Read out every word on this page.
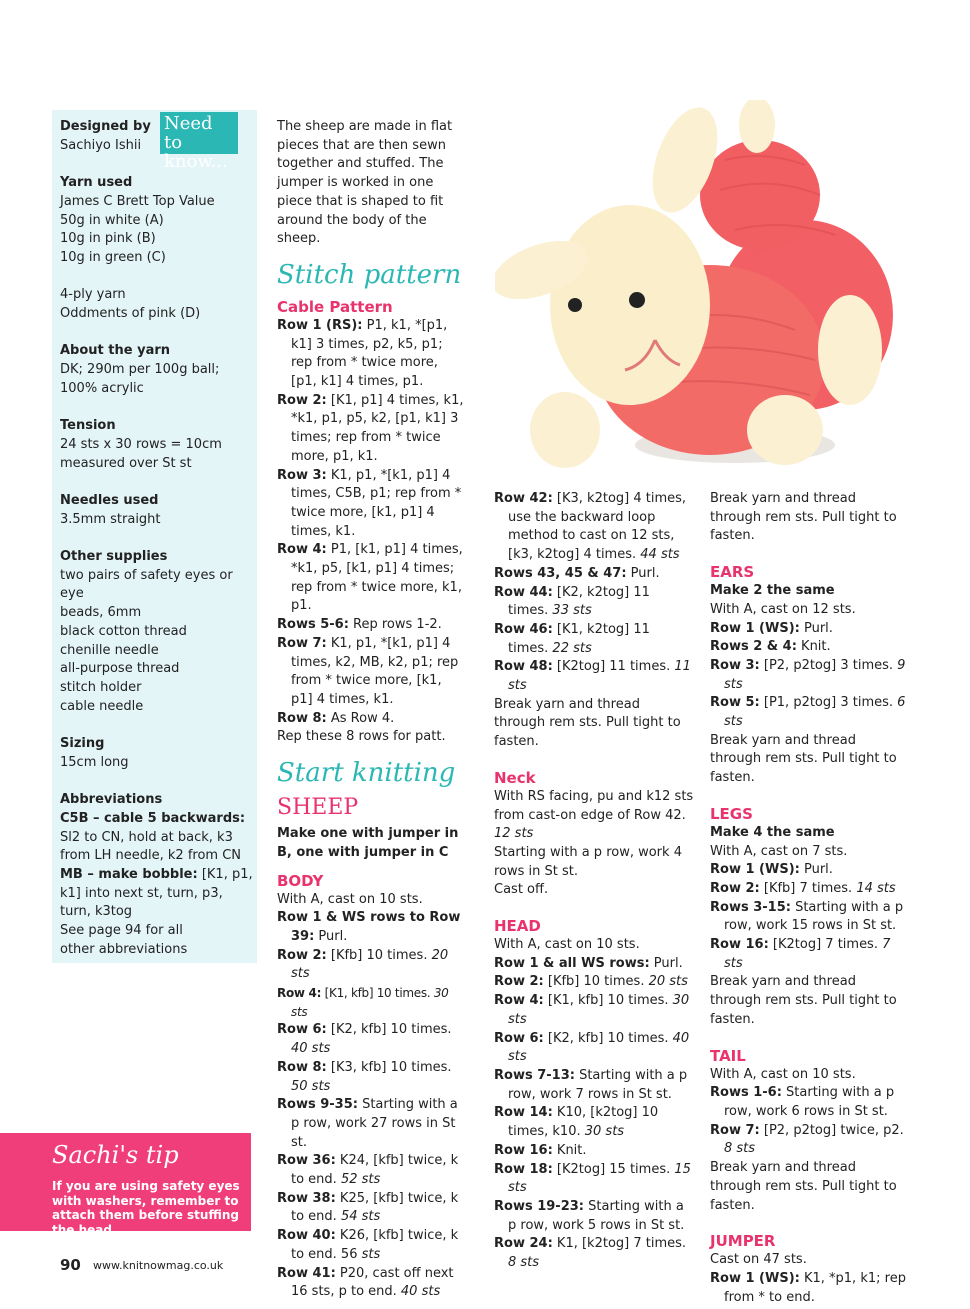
Need to know...

Designed by

Sachiyo Ishii

Yarn used

James C Brett Top Value

50g in white (A)

10g in pink (B)

10g in green (C)

4-ply yarn

Oddments of pink (D)

About the yarn

DK; 290m per 100g ball;

100% acrylic

Tension

24 sts x 30 rows = 10cm

measured over St st

Needles used

3.5mm straight

Other supplies

two pairs of safety eyes or eye

beads, 6mm

black cotton thread

chenille needle

all-purpose thread

stitch holder

cable needle

Sizing

15cm long

Abbreviations

C5B – cable 5 backwards: Sl2 to CN, hold at back, k3 from LH needle, k2 from CN

MB – make bobble: [K1, p1, k1] into next st, turn, p3, turn, k3tog

See page 94 for all other abbreviations

Sachi's tip
If you are using safety eyes with washers, remember to attach them before stuffing the head
90 www.knitnowmag.co.uk

The sheep are made in flat pieces that are then sewn together and stuffed. The jumper is worked in one piece that is shaped to fit around the body of the sheep.

Stitch pattern

Cable Pattern

Row 1 (RS): P1, k1, *[p1, k1] 3 times, p2, k5, p1; rep from * twice more, [p1, k1] 4 times, p1.

Row 2: [K1, p1] 4 times, k1, *k1, p1, p5, k2, [p1, k1] 3 times; rep from * twice more, p1, k1.

Row 3: K1, p1, *[k1, p1] 4 times, C5B, p1; rep from * twice more, [k1, p1] 4 times, k1.

Row 4: P1, [k1, p1] 4 times, *k1, p5, [k1, p1] 4 times; rep from * twice more, k1, p1.

Rows 5-6: Rep rows 1-2.

Row 7: K1, p1, *[k1, p1] 4 times, k2, MB, k2, p1; rep from * twice more, [k1, p1] 4 times, k1.

Row 8: As Row 4.

Rep these 8 rows for patt.

Start knitting
SHEEP

Make one with jumper in B, one with jumper in C

BODY

With A, cast on 10 sts.

Row 1 & WS rows to Row 39: Purl.

Row 2: [Kfb] 10 times. 20 sts

Row 4: [K1, kfb] 10 times. 30 sts

Row 6: [K2, kfb] 10 times. 40 sts

Row 8: [K3, kfb] 10 times. 50 sts

Rows 9-35: Starting with a p row, work 27 rows in St st.

Row 36: K24, [kfb] twice, k to end. 52 sts

Row 38: K25, [kfb] twice, k to end. 54 sts

Row 40: K26, [kfb] twice, k to end. 56 sts

Row 41: P20, cast off next 16 sts, p to end. 40 sts

Row 42: [K3, k2tog] 4 times, use the backward loop method to cast on 12 sts, [k3, k2tog] 4 times. 44 sts

Rows 43, 45 & 47: Purl.

Row 44: [K2, k2tog] 11 times. 33 sts

Row 46: [K1, k2tog] 11 times. 22 sts

Row 48: [K2tog] 11 times. 11 sts

Break yarn and thread through rem sts. Pull tight to fasten.

Neck

With RS facing, pu and k12 sts from cast-on edge of Row 42.

12 sts

Starting with a p row, work 4 rows in St st.

Cast off.

HEAD

With A, cast on 10 sts.

Row 1 & all WS rows: Purl.

Row 2: [Kfb] 10 times. 20 sts

Row 4: [K1, kfb] 10 times. 30 sts

Row 6: [K2, kfb] 10 times. 40 sts

Rows 7-13: Starting with a p row, work 7 rows in St st.

Row 14: K10, [k2tog] 10 times, k10. 30 sts

Row 16: Knit.

Row 18: [K2tog] 15 times. 15 sts

Rows 19-23: Starting with a p row, work 5 rows in St st.

Row 24: K1, [k2tog] 7 times. 8 sts

Break yarn and thread through rem sts. Pull tight to fasten.

EARS

Make 2 the same

With A, cast on 12 sts.

Row 1 (WS): Purl.

Rows 2 & 4: Knit.

Row 3: [P2, p2tog] 3 times. 9 sts

Row 5: [P1, p2tog] 3 times. 6 sts

Break yarn and thread through rem sts. Pull tight to fasten.

LEGS

Make 4 the same

With A, cast on 7 sts.

Row 1 (WS): Purl.

Row 2: [Kfb] 7 times. 14 sts

Rows 3-15: Starting with a p row, work 15 rows in St st.

Row 16: [K2tog] 7 times. 7 sts

Break yarn and thread through rem sts. Pull tight to fasten.

TAIL

With A, cast on 10 sts.

Rows 1-6: Starting with a p row, work 6 rows in St st.

Row 7: [P2, p2tog] twice, p2. 8 sts

Break yarn and thread through rem sts. Pull tight to fasten.

JUMPER

Cast on 47 sts.

Row 1 (WS): K1, *p1, k1; rep from * to end.
